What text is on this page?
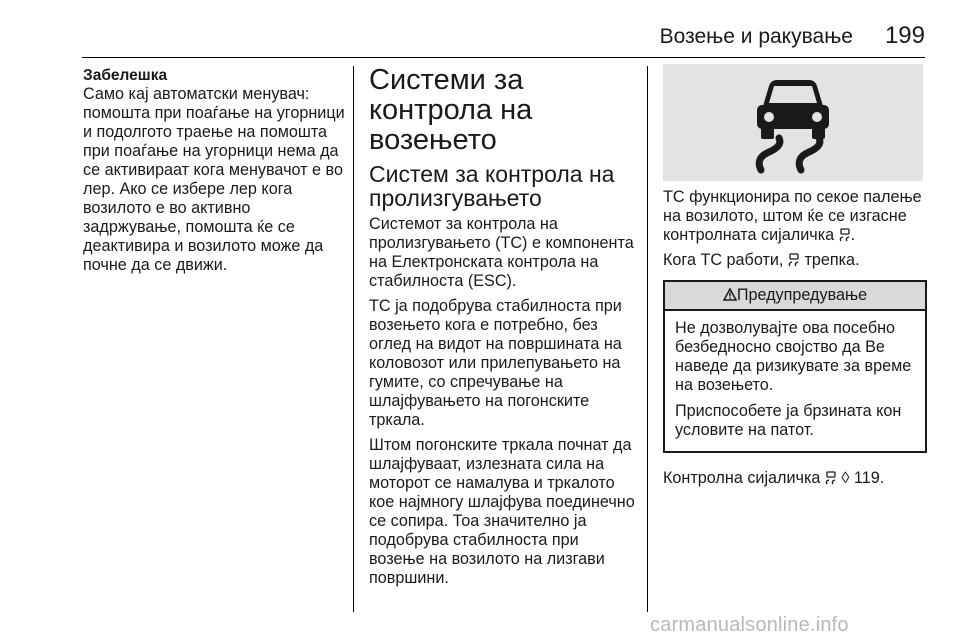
Возење и ракување 199
Забелешка

Само кај автоматски менувач: помошта при поаѓање на угорници и подолгото траење на помошта при поаѓање на угорници нема да се активираат кога менувачот е во лер. Ако се избере лер кога возилото е во активно задржување, помошта ќе се деактивира и возилото може да почне да се движи.

Системи за контрола на возењето
Систем за контрола на пролизгувањето

Системот за контрола на пролизгувањето (TC) е компонента на Електронската контрола на стабилноста (ESC).

TC ја подобрува стабилноста при возењето кога е потребно, без оглед на видот на површината на коловозот или прилепувањето на гумите, со спречување на шлајфувањето на погонските тркала.

Штом погонските тркала почнат да шлајфуваат, излезната сила на моторот се намалува и тркалото кое најмногу шлајфува поединечно се сопира. Тоа значително ја подобрува стабилноста при возење на возилото на лизгави површини.

TC функционира по секое палење на возилото, штом ќе се изгасне контролната сијаличка .

Кога TC работи, трепка.

Предупредување

Не дозволувајте ова посебно безбедносно својство да Ве наведе да ризикувате за време на возењето.

Приспособете ја брзината кон условите на патот.

Контролна сијаличка ◊ 119.

carmanualsonline.info
